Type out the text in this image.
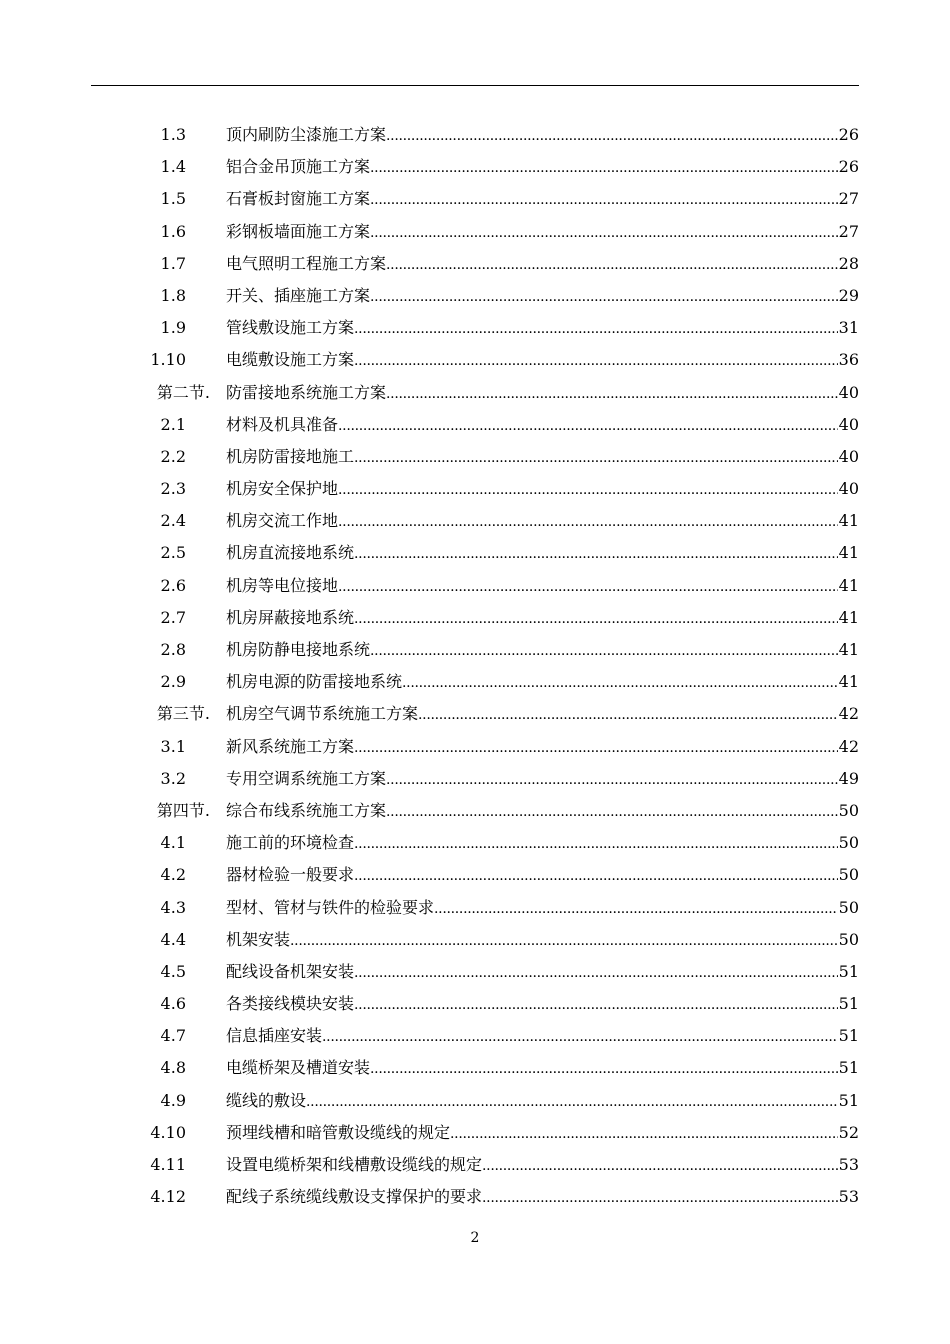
1.3	顶内刷防尘漆施工方案 .....	26
1.4	铝合金吊顶施工方案 .....	26
1.5	石膏板封窗施工方案 .....	27
1.6	彩钢板墙面施工方案 .....	27
1.7	电气照明工程施工方案 .....	28
1.8	开关、插座施工方案 .....	29
1.9	管线敷设施工方案 .....	31
1.10	电缆敷设施工方案 .....	36
第二节. 防雷接地系统施工方案 .....	40
2.1	材料及机具准备 .....	40
2.2	机房防雷接地施工 .....	40
2.3	机房安全保护地 .....	40
2.4	机房交流工作地 .....	41
2.5	机房直流接地系统 .....	41
2.6	机房等电位接地 .....	41
2.7	机房屏蔽接地系统 .....	41
2.8	机房防静电接地系统 .....	41
2.9	机房电源的防雷接地系统 .....	41
第三节. 机房空气调节系统施工方案 .....	42
3.1	新风系统施工方案 .....	42
3.2	专用空调系统施工方案 .....	49
第四节. 综合布线系统施工方案 .....	50
4.1	施工前的环境检查 .....	50
4.2	器材检验一般要求 .....	50
4.3	型材、管材与铁件的检验要求 .....	50
4.4	机架安装 .....	50
4.5	配线设备机架安装 .....	51
4.6	各类接线模块安装 .....	51
4.7	信息插座安装 .....	51
4.8	电缆桥架及槽道安装 .....	51
4.9	缆线的敷设 .....	51
4.10	预埋线槽和暗管敷设缆线的规定 .....	52
4.11	设置电缆桥架和线槽敷设缆线的规定 .....	53
4.12	配线子系统缆线敷设支撑保护的要求 .....	53
2
